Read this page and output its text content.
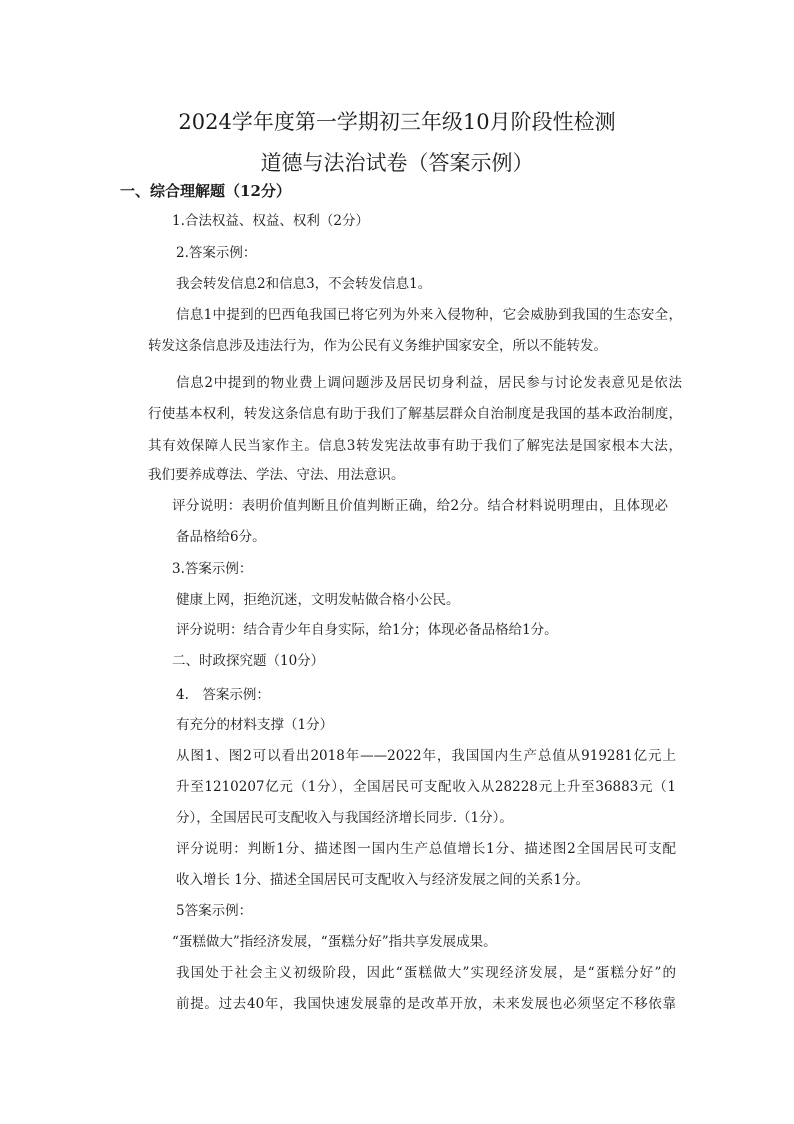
2024学年度第一学期初三年级10月阶段性检测
道德与法治试卷（答案示例）
一、综合理解题（12分）
1.合法权益、权益、权利（2分）
2.答案示例：
我会转发信息2和信息3，不会转发信息1。
信息1中提到的巴西龟我国已将它列为外来入侵物种，它会威胁到我国的生态安全，
转发这条信息涉及违法行为，作为公民有义务维护国家安全，所以不能转发。
信息2中提到的物业费上调问题涉及居民切身利益，居民参与讨论发表意见是依法
行使基本权利，转发这条信息有助于我们了解基层群众自治制度是我国的基本政治制度，
其有效保障人民当家作主。信息3转发宪法故事有助于我们了解宪法是国家根本大法，
我们要养成尊法、学法、守法、用法意识。
评分说明：表明价值判断且价值判断正确，给2分。结合材料说明理由，且体现必
备品格给6分。
3.答案示例：
健康上网，拒绝沉迷，文明发帖做合格小公民。
评分说明：结合青少年自身实际，给1分；体现必备品格给1分。
二、时政探究题（10分）
4.　答案示例：
有充分的材料支撑（1分）
从图1、图2可以看出2018年——2022年，我国国内生产总值从919281亿元上
升至1210207亿元（1分），全国居民可支配收入从28228元上升至36883元（1
分），全国居民可支配收入与我国经济增长同步.（1分）。
评分说明：判断1分、描述图一国内生产总值增长1分、描述图2全国居民可支配
收入增长 1分、描述全国居民可支配收入与经济发展之间的关系1分。
5答案示例：
“蛋糕做大”指经济发展，“蛋糕分好”指共享发展成果。
我国处于社会主义初级阶段，因此“蛋糕做大”实现经济发展，是“蛋糕分好”的
前提。过去40年，我国快速发展靠的是改革开放，未来发展也必须坚定不移依靠
